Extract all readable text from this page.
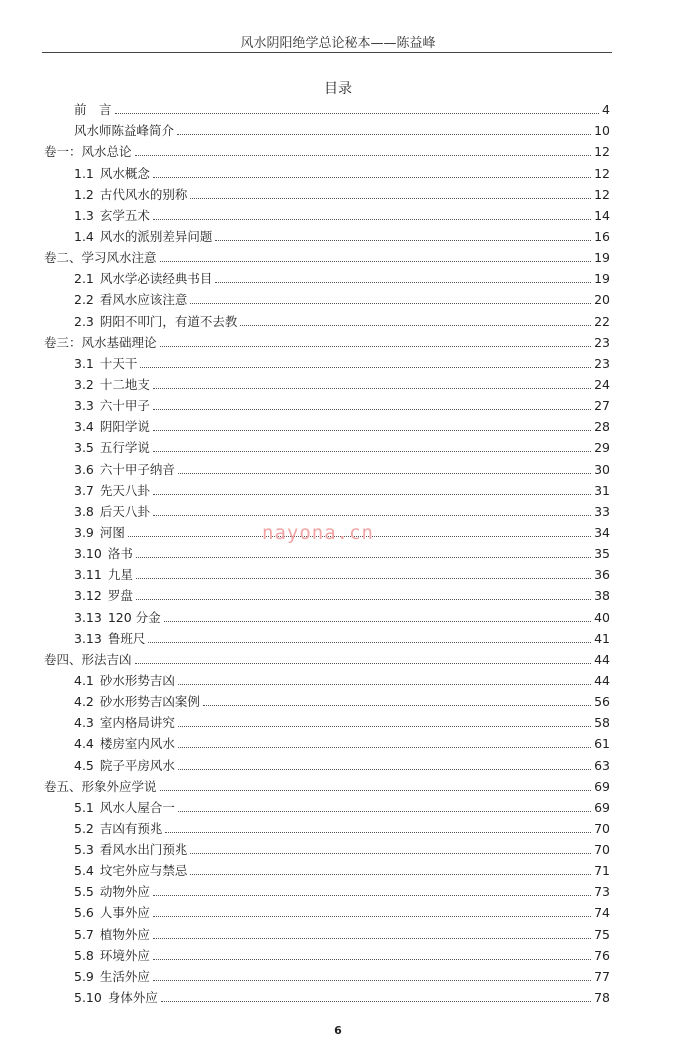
风水阴阳绝学总论秘本——陈益峰
目录
前　言	4
风水师陈益峰简介	10
卷一：风水总论	12
1.1 风水概念	12
1.2 古代风水的别称	12
1.3 玄学五术	14
1.4 风水的派别差异问题	16
卷二、学习风水注意	19
2.1 风水学必读经典书目	19
2.2 看风水应该注意	20
2.3 阴阳不叩门，有道不去教	22
卷三：风水基础理论	23
3.1 十天干	23
3.2 十二地支	24
3.3 六十甲子	27
3.4 阴阳学说	28
3.5 五行学说	29
3.6 六十甲子纳音	30
3.7 先天八卦	31
3.8 后天八卦	33
3.9 河图	34
3.10 洛书	35
3.11 九星	36
3.12 罗盘	38
3.13 120 分金	40
3.13 鲁班尺	41
卷四、形法吉凶	44
4.1 砂水形势吉凶	44
4.2 砂水形势吉凶案例	56
4.3 室内格局讲究	58
4.4 楼房室内风水	61
4.5 院子平房风水	63
卷五、形象外应学说	69
5.1 风水人屋合一	69
5.2 吉凶有预兆	70
5.3 看风水出门预兆	70
5.4 坟宅外应与禁忌	71
5.5 动物外应	73
5.6 人事外应	74
5.7 植物外应	75
5.8 环境外应	76
5.9 生活外应	77
5.10 身体外应	78
nayona.cn
6
